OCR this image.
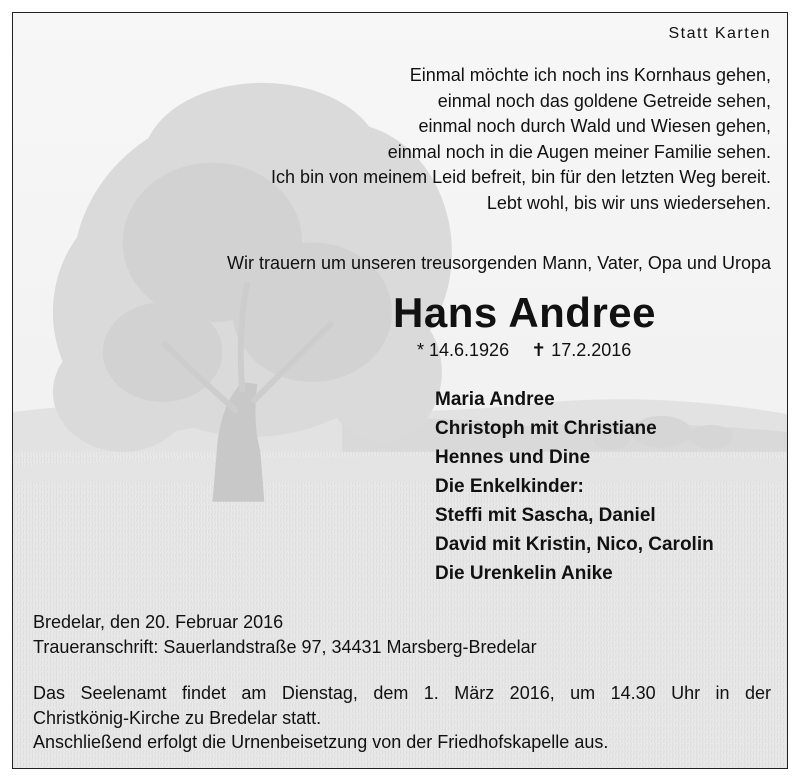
Statt Karten
Einmal möchte ich noch ins Kornhaus gehen,
einmal noch das goldene Getreide sehen,
einmal noch durch Wald und Wiesen gehen,
einmal noch in die Augen meiner Familie sehen.
Ich bin von meinem Leid befreit, bin für den letzten Weg bereit.
Lebt wohl, bis wir uns wiedersehen.
Wir trauern um unseren treusorgenden Mann, Vater, Opa und Uropa
Hans Andree
* 14.6.1926 ✝ 17.2.2016
Maria Andree
Christoph mit Christiane
Hennes und Dine
Die Enkelkinder:
Steffi mit Sascha, Daniel
David mit Kristin, Nico, Carolin
Die Urenkelin Anike
Bredelar, den 20. Februar 2016
Traueranschrift: Sauerlandstraße 97, 34431 Marsberg-Bredelar
Das Seelenamt findet am Dienstag, dem 1. März 2016, um 14.30 Uhr in der
Christkönig-Kirche zu Bredelar statt.
Anschließend erfolgt die Urnenbeisetzung von der Friedhofskapelle aus.
